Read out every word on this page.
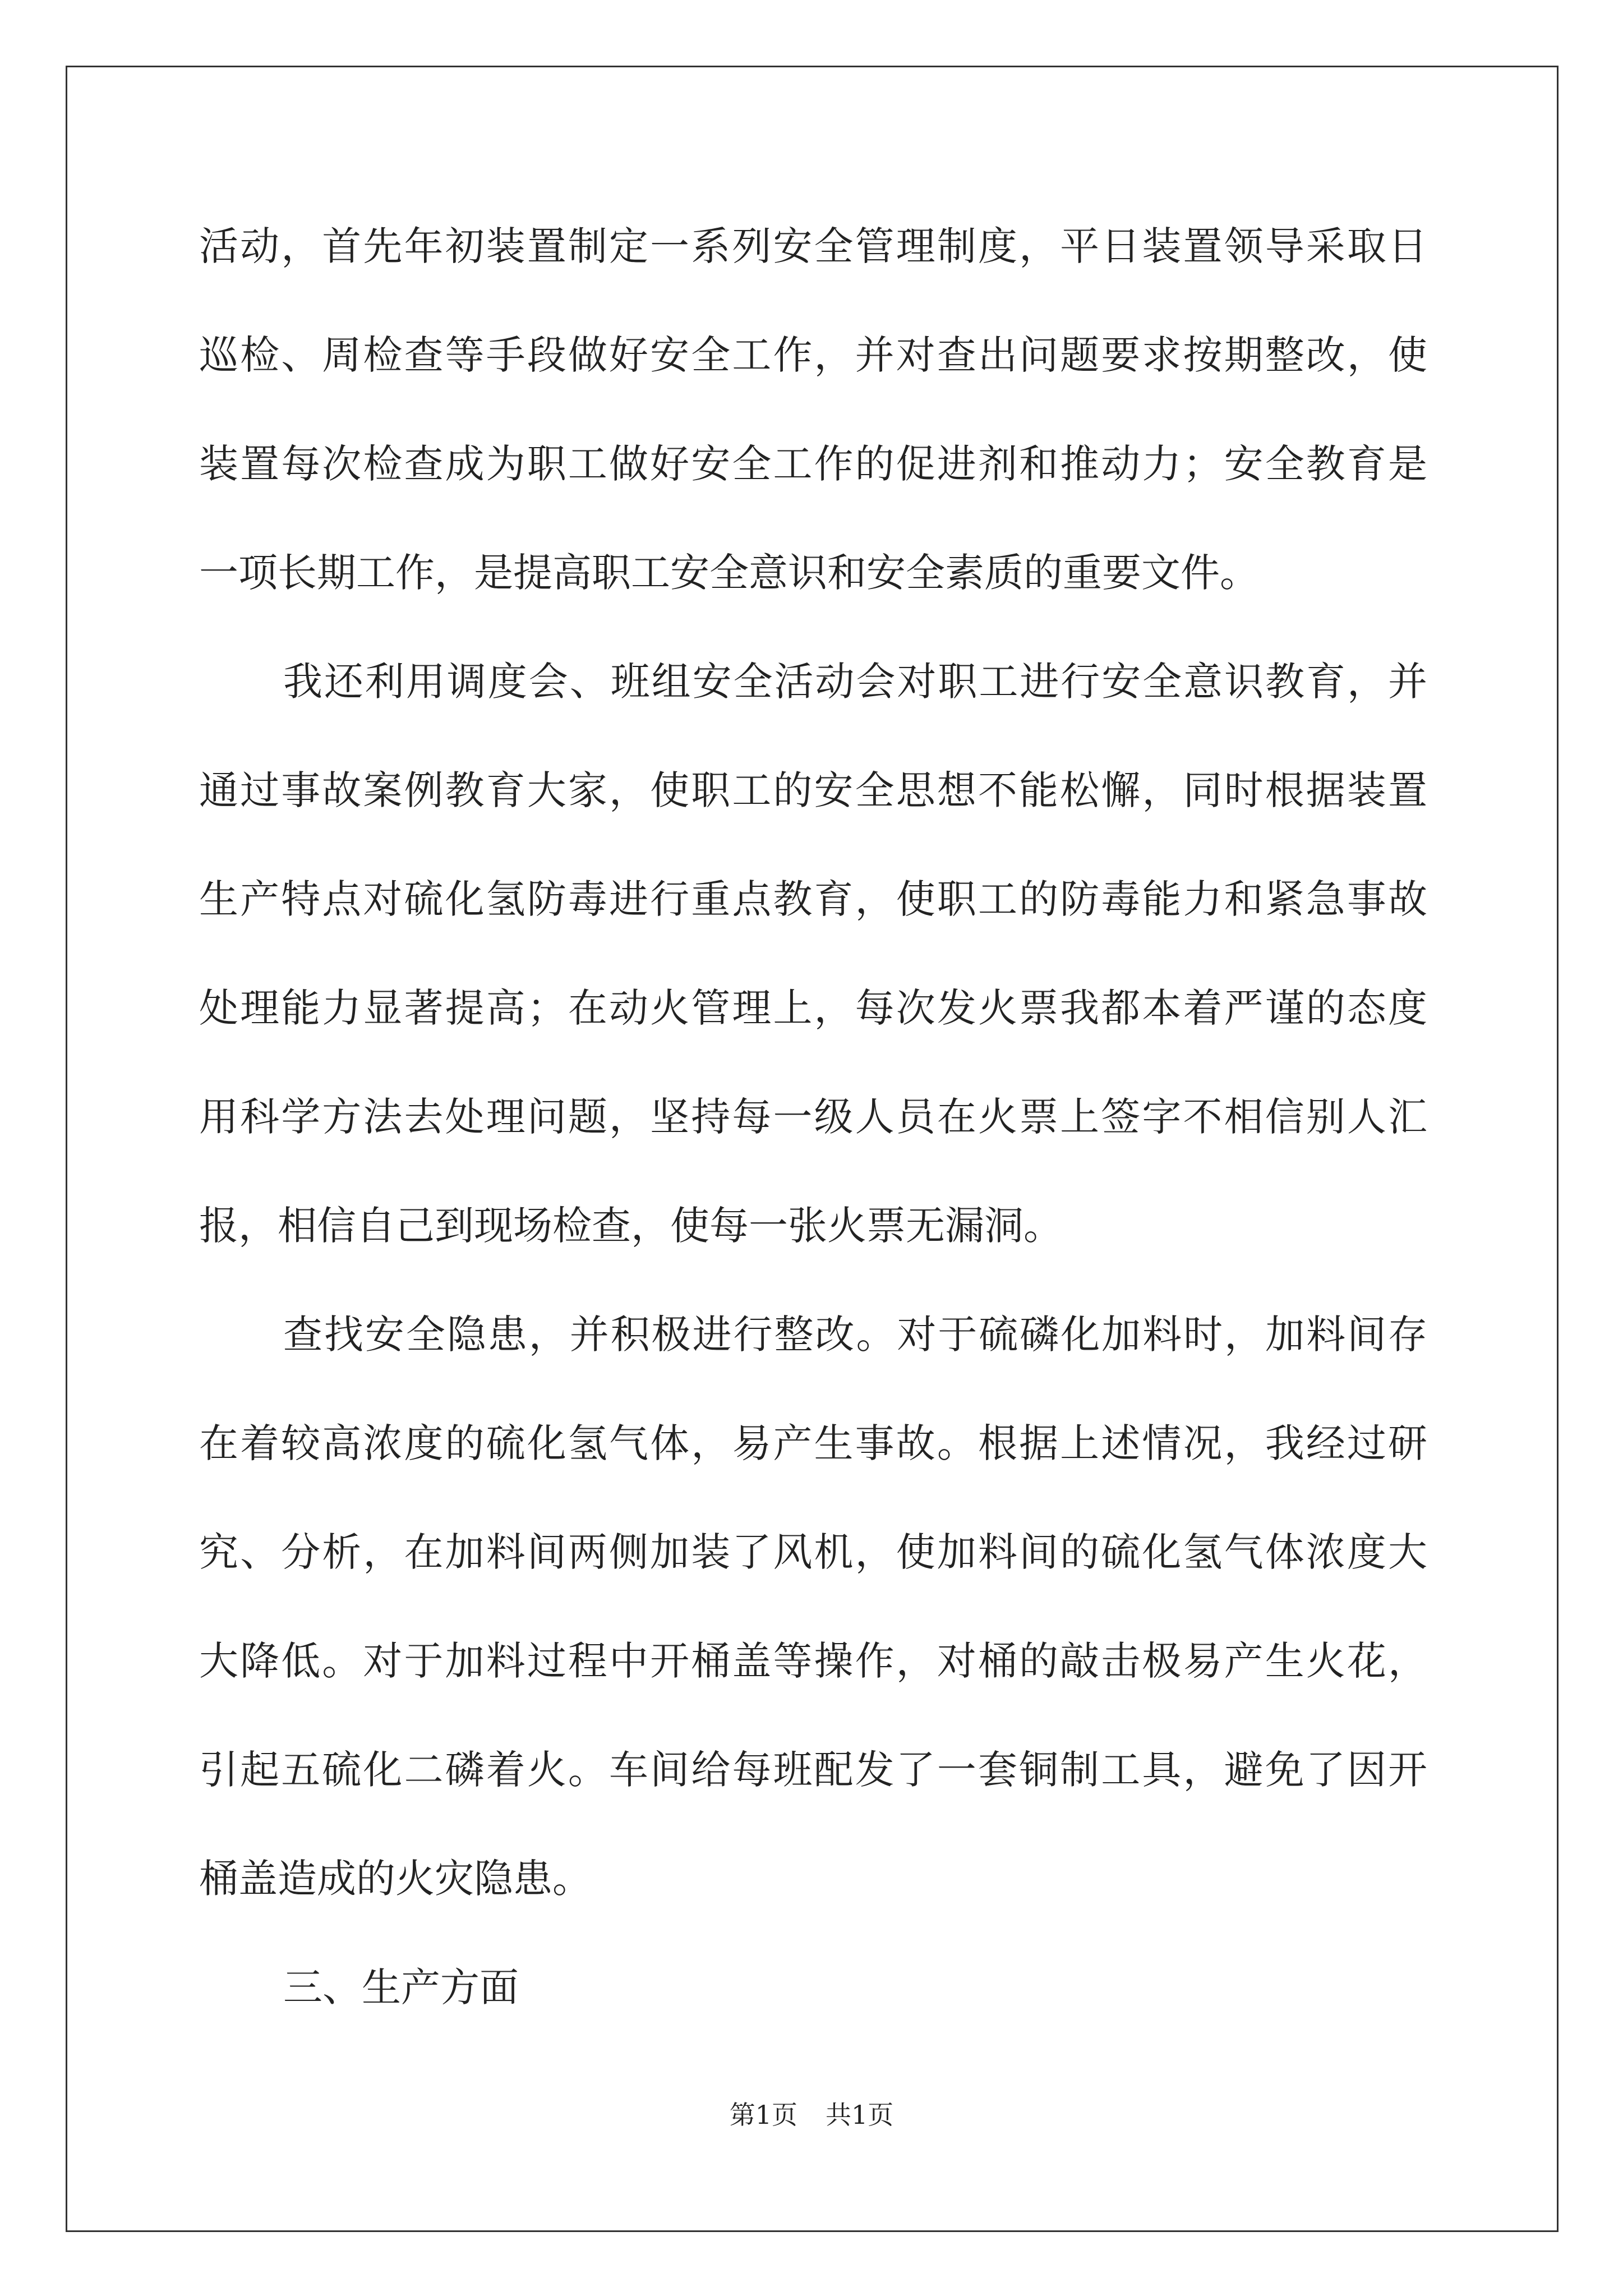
活动，首先年初装置制定一系列安全管理制度，平日装置领导采取日
巡检、周检查等手段做好安全工作，并对查出问题要求按期整改，使
装置每次检查成为职工做好安全工作的促进剂和推动力；安全教育是
一项长期工作，是提高职工安全意识和安全素质的重要文件。
我还利用调度会、班组安全活动会对职工进行安全意识教育，并
通过事故案例教育大家，使职工的安全思想不能松懈，同时根据装置
生产特点对硫化氢防毒进行重点教育，使职工的防毒能力和紧急事故
处理能力显著提高；在动火管理上，每次发火票我都本着严谨的态度
用科学方法去处理问题，坚持每一级人员在火票上签字不相信别人汇
报，相信自己到现场检查，使每一张火票无漏洞。
查找安全隐患，并积极进行整改。对于硫磷化加料时，加料间存
在着较高浓度的硫化氢气体，易产生事故。根据上述情况，我经过研
究、分析，在加料间两侧加装了风机，使加料间的硫化氢气体浓度大
大降低。对于加料过程中开桶盖等操作，对桶的敲击极易产生火花，
引起五硫化二磷着火。车间给每班配发了一套铜制工具，避免了因开
桶盖造成的火灾隐患。
三、生产方面
第1页 共1页
